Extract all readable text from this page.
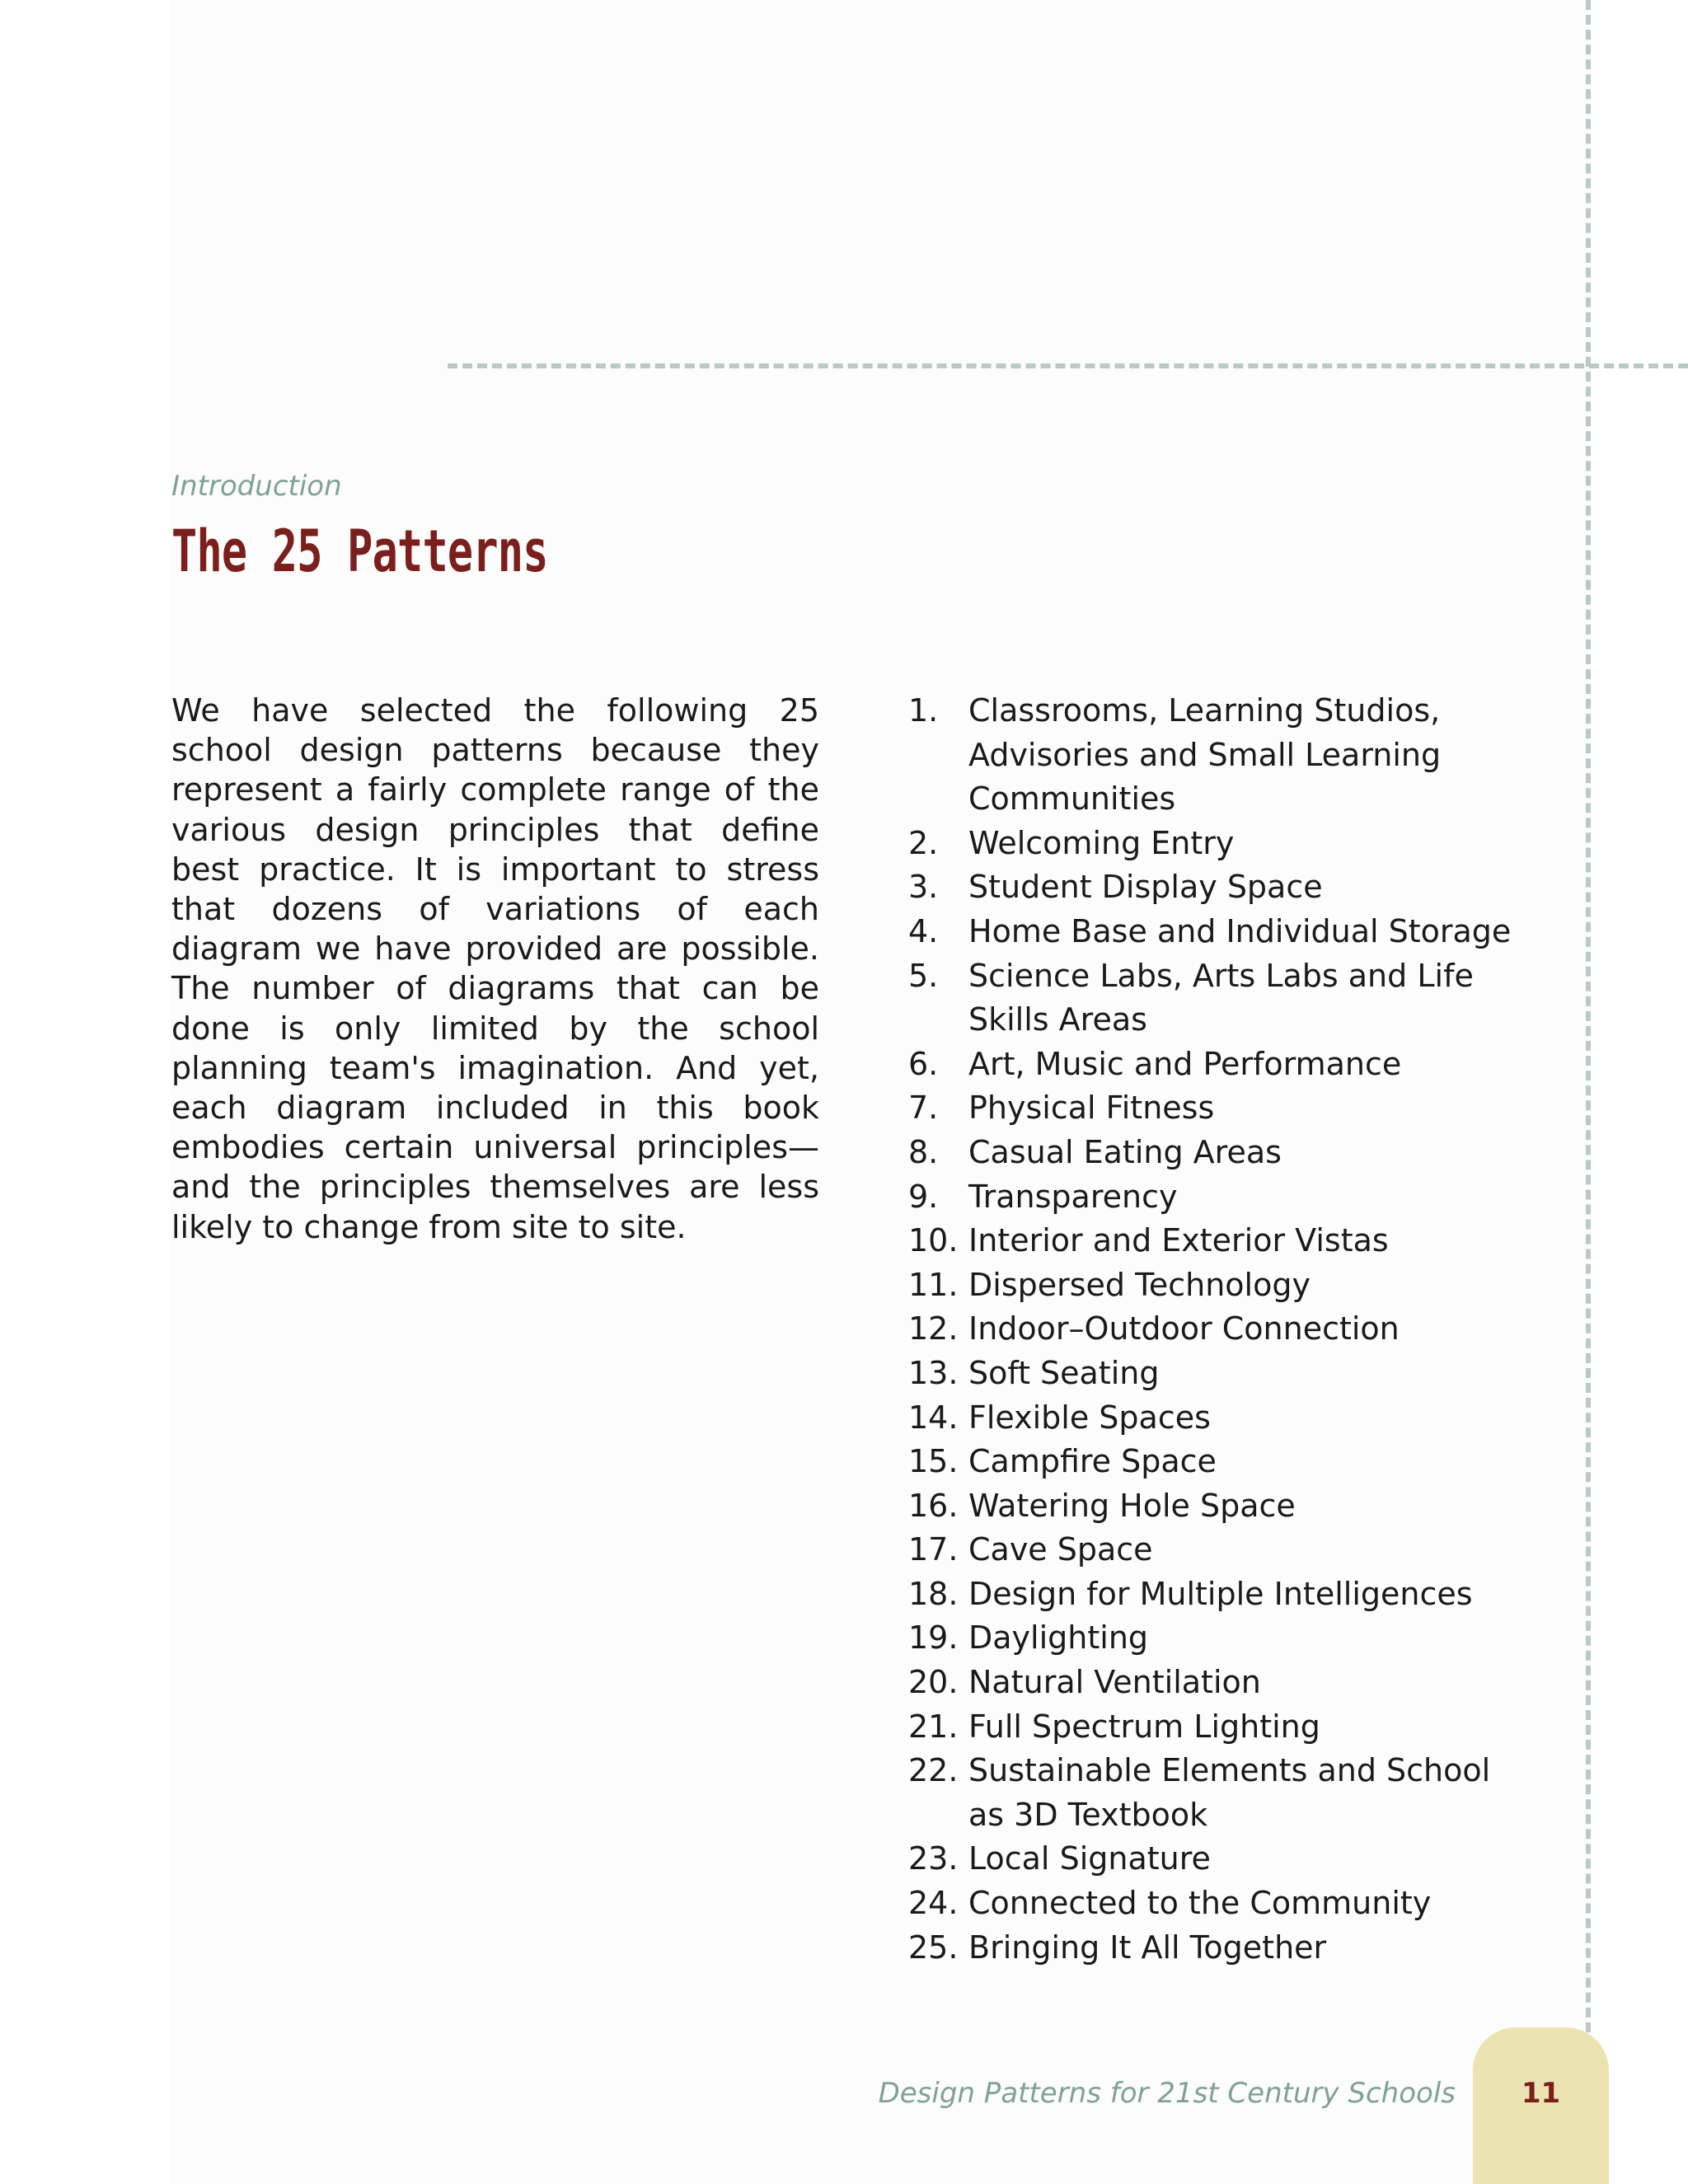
Introduction

The 25 Patterns

We have selected the following 25 school design patterns because they represent a fairly complete range of the various design principles that define best practice. It is important to stress that dozens of variations of each diagram we have provided are possible. The number of diagrams that can be done is only limited by the school planning team's imagination. And yet, each diagram included in this book embodies certain universal principles—and the principles themselves are less likely to change from site to site.

1. Classrooms, Learning Studios, Advisories and Small Learning Communities
2. Welcoming Entry
3. Student Display Space
4. Home Base and Individual Storage
5. Science Labs, Arts Labs and Life Skills Areas
6. Art, Music and Performance
7. Physical Fitness
8. Casual Eating Areas
9. Transparency
10. Interior and Exterior Vistas
11. Dispersed Technology
12. Indoor–Outdoor Connection
13. Soft Seating
14. Flexible Spaces
15. Campfire Space
16. Watering Hole Space
17. Cave Space
18. Design for Multiple Intelligences
19. Daylighting
20. Natural Ventilation
21. Full Spectrum Lighting
22. Sustainable Elements and School as 3D Textbook
23. Local Signature
24. Connected to the Community
25. Bringing It All Together

Design Patterns for 21st Century Schools	11
